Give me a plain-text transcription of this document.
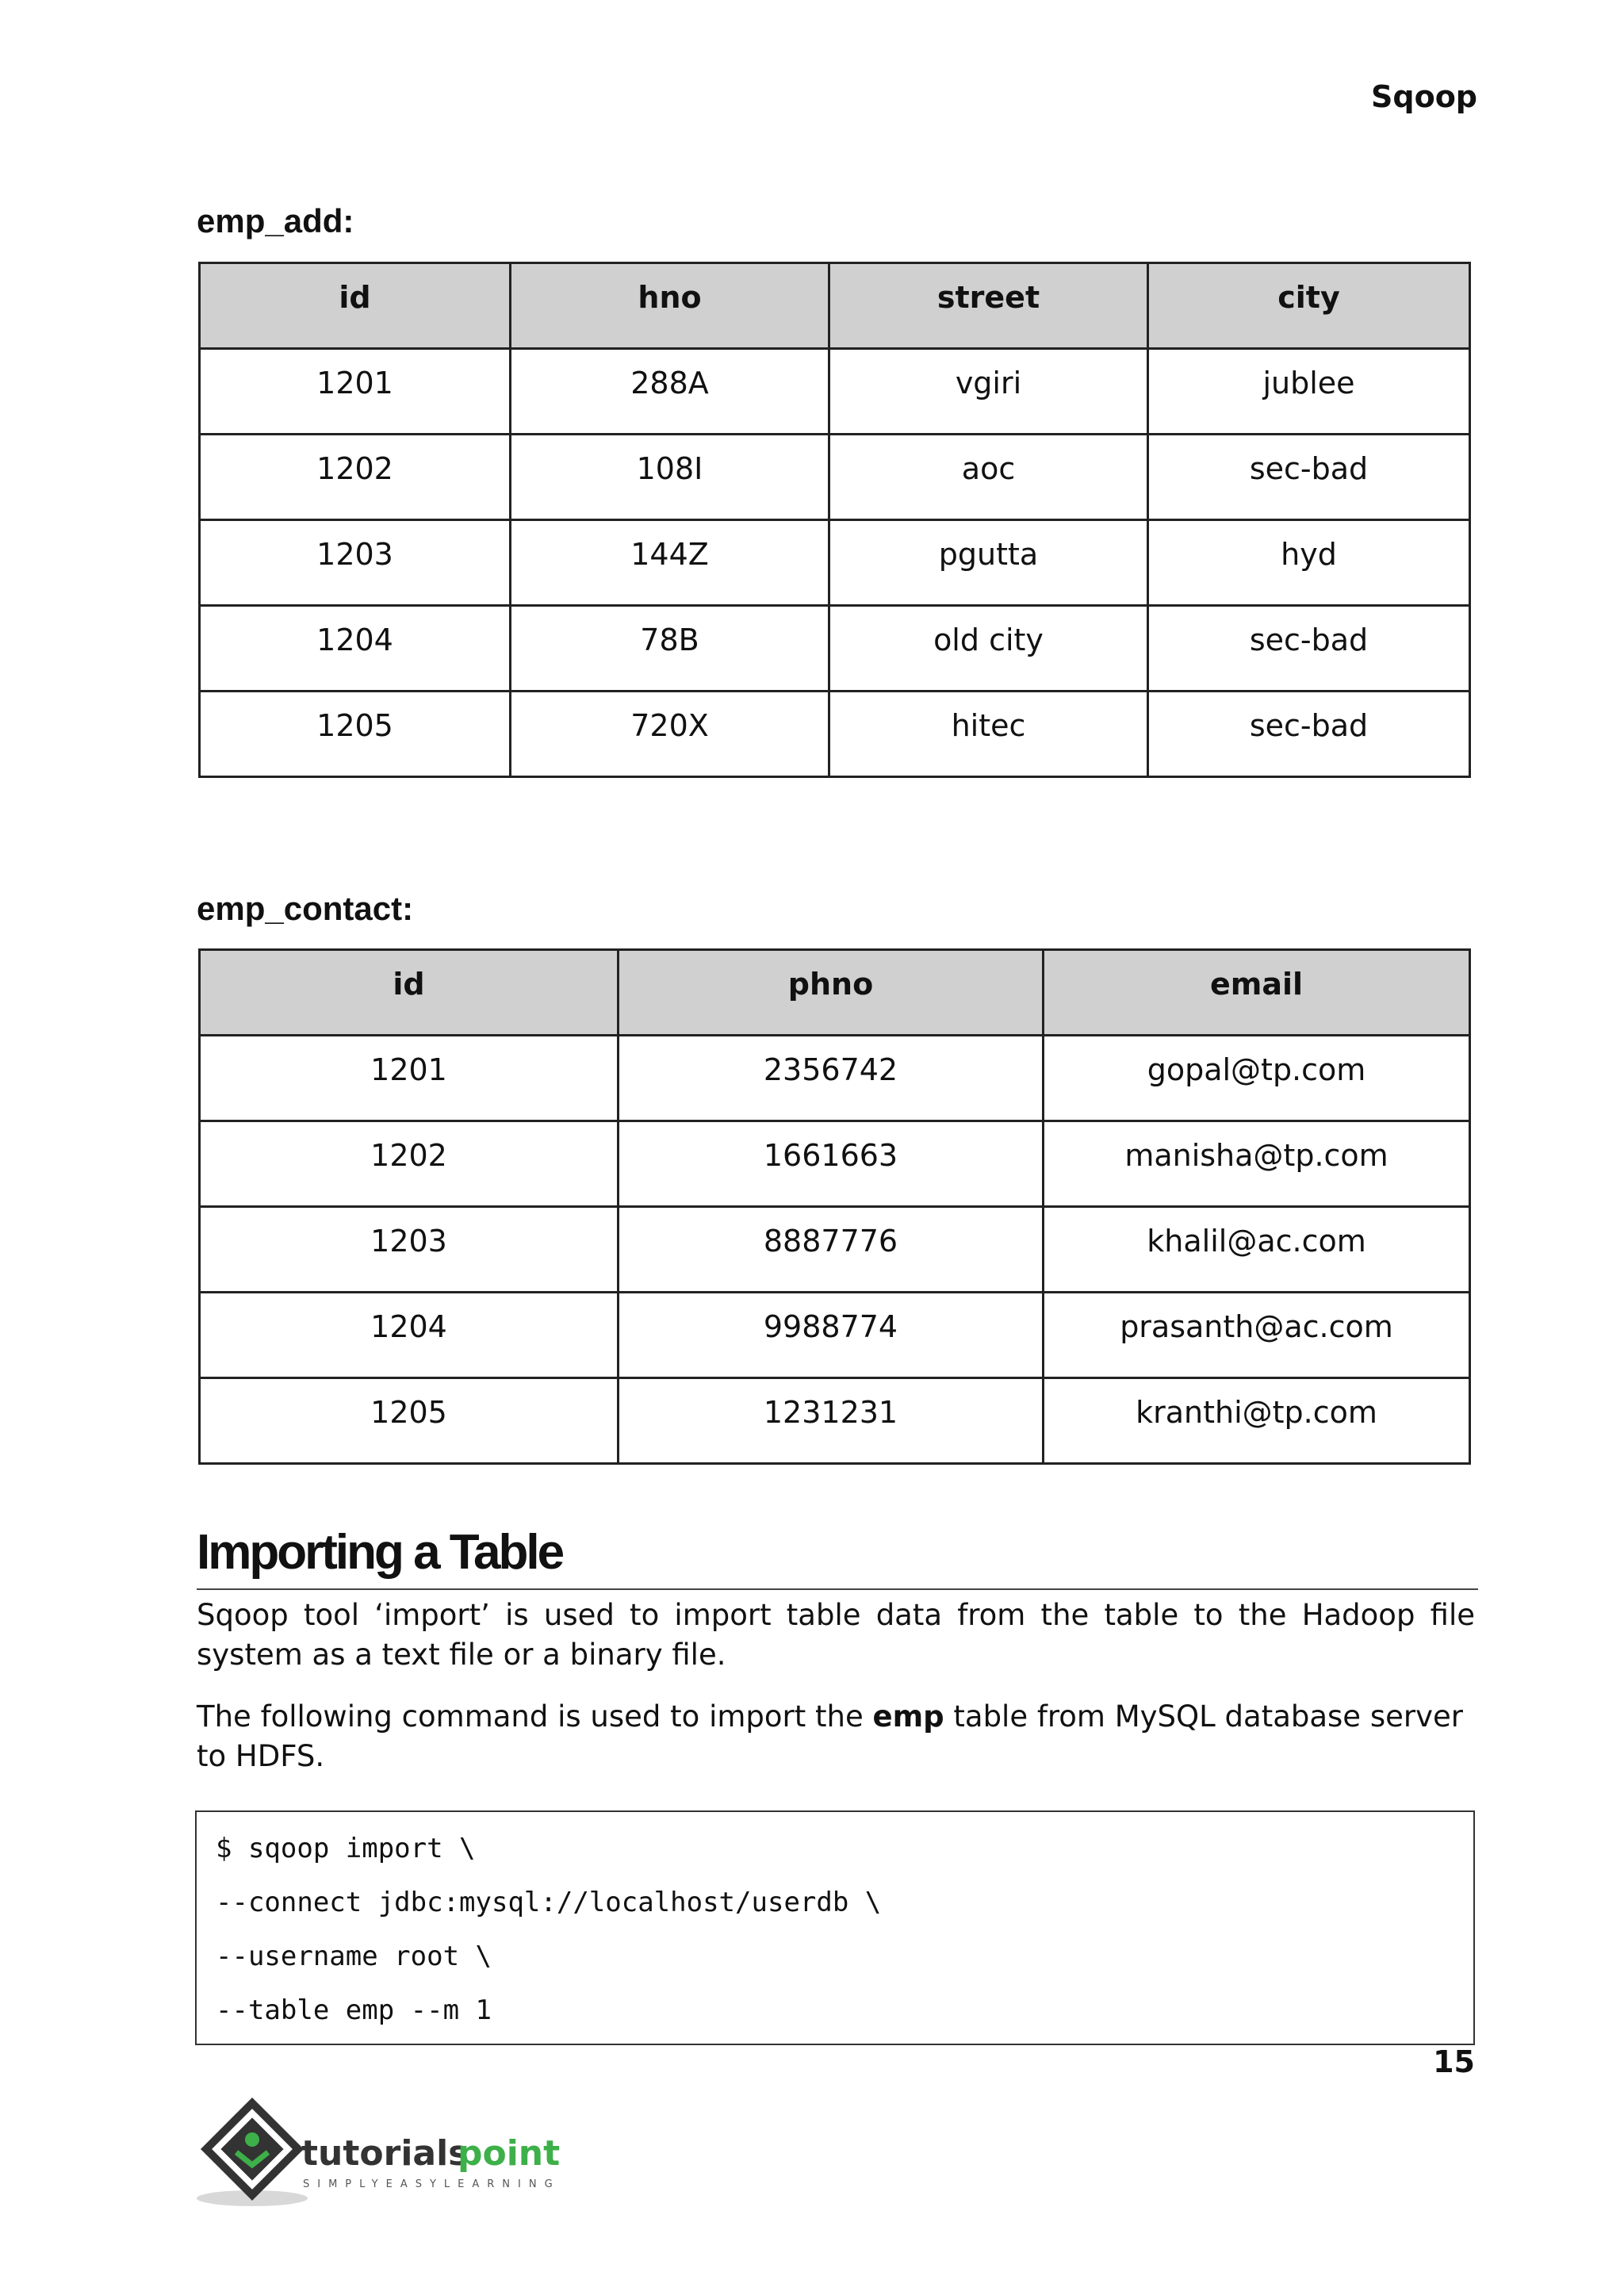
Sqoop
emp_add:
id	hno	street	city
1201	288A	vgiri	jublee
1202	108I	aoc	sec-bad
1203	144Z	pgutta	hyd
1204	78B	old city	sec-bad
1205	720X	hitec	sec-bad
emp_contact:
id	phno	email
1201	2356742	gopal@tp.com
1202	1661663	manisha@tp.com
1203	8887776	khalil@ac.com
1204	9988774	prasanth@ac.com
1205	1231231	kranthi@tp.com
Importing a Table

Sqoop tool ‘import’ is used to import table data from the table to the Hadoop file system as a text file or a binary file.

The following command is used to import the emp table from MySQL database server to HDFS.

$ sqoop import \
--connect jdbc:mysql://localhost/userdb \
--username root \
--table emp --m 1
15
tutorials
point
SIMPLYEASYLEARNING
